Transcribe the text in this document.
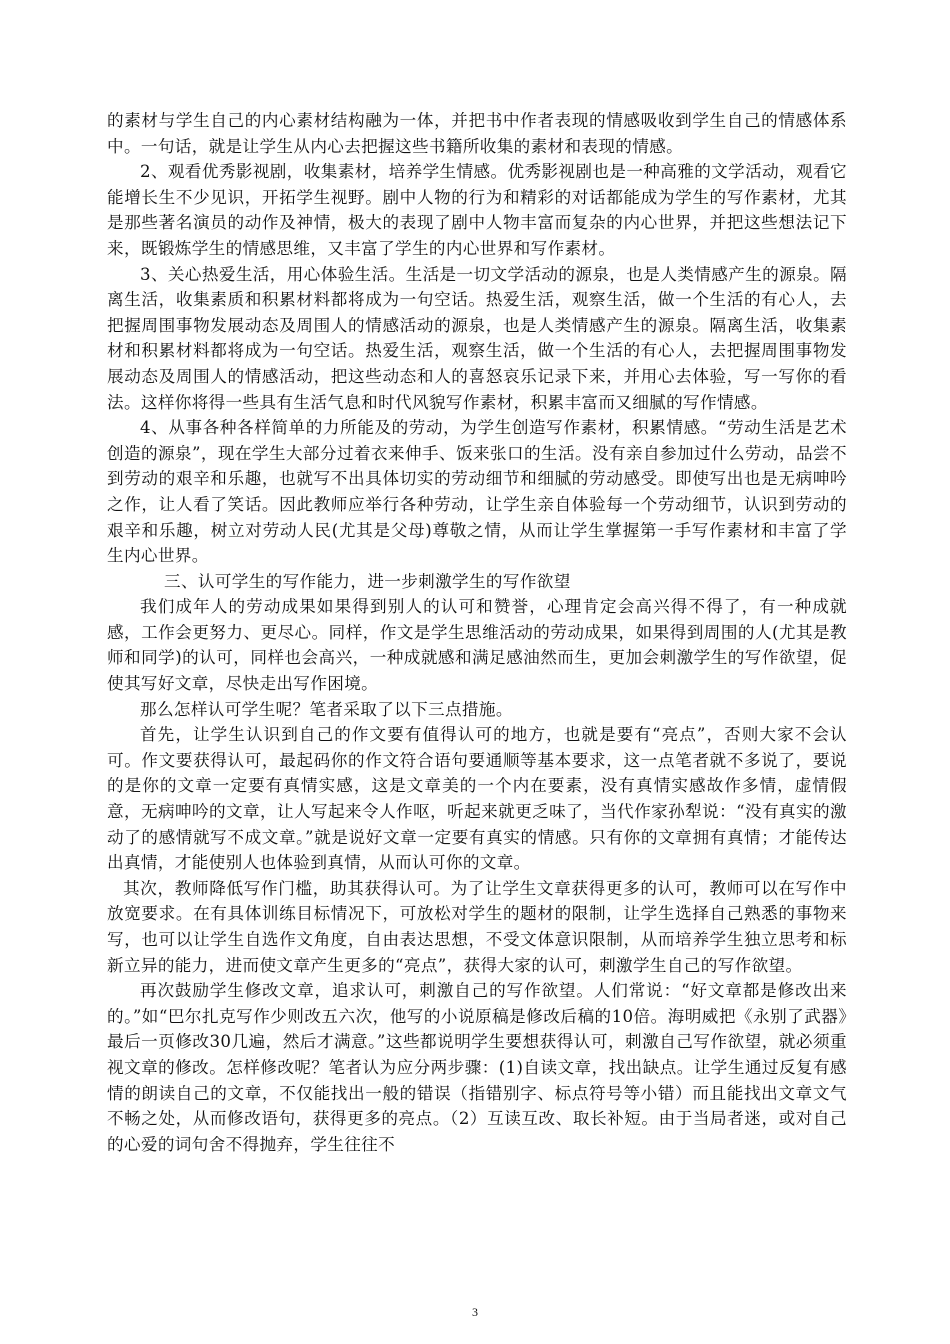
的素材与学生自己的内心素材结构融为一体，并把书中作者表现的情感吸收到学生自己的情感体系中。一句话，就是让学生从内心去把握这些书籍所收集的素材和表现的情感。

2、观看优秀影视剧，收集素材，培养学生情感。优秀影视剧也是一种高雅的文学活动，观看它能增长生不少见识，开拓学生视野。剧中人物的行为和精彩的对话都能成为学生的写作素材，尤其是那些著名演员的动作及神情，极大的表现了剧中人物丰富而复杂的内心世界，并把这些想法记下来，既锻炼学生的情感思维，又丰富了学生的内心世界和写作素材。

3、关心热爱生活，用心体验生活。生活是一切文学活动的源泉，也是人类情感产生的源泉。隔离生活，收集素质和积累材料都将成为一句空话。热爱生活，观察生活，做一个生活的有心人，去把握周围事物发展动态及周围人的情感活动的源泉，也是人类情感产生的源泉。隔离生活，收集素材和积累材料都将成为一句空话。热爱生活，观察生活，做一个生活的有心人，去把握周围事物发展动态及周围人的情感活动，把这些动态和人的喜怒哀乐记录下来，并用心去体验，写一写你的看法。这样你将得一些具有生活气息和时代风貌写作素材，积累丰富而又细腻的写作情感。

4、从事各种各样简单的力所能及的劳动，为学生创造写作素材，积累情感。“劳动生活是艺术创造的源泉”，现在学生大部分过着衣来伸手、饭来张口的生活。没有亲自参加过什么劳动，品尝不到劳动的艰辛和乐趣，也就写不出具体切实的劳动细节和细腻的劳动感受。即使写出也是无病呻吟之作，让人看了笑话。因此教师应举行各种劳动，让学生亲自体验每一个劳动细节，认识到劳动的艰辛和乐趣，树立对劳动人民(尤其是父母)尊敬之情，从而让学生掌握第一手写作素材和丰富了学生内心世界。

三、认可学生的写作能力，进一步刺激学生的写作欲望

我们成年人的劳动成果如果得到别人的认可和赞誉，心理肯定会高兴得不得了，有一种成就感，工作会更努力、更尽心。同样，作文是学生思维活动的劳动成果，如果得到周围的人(尤其是教师和同学)的认可，同样也会高兴，一种成就感和满足感油然而生，更加会刺激学生的写作欲望，促使其写好文章，尽快走出写作困境。

那么怎样认可学生呢？笔者采取了以下三点措施。

首先，让学生认识到自己的作文要有值得认可的地方，也就是要有“亮点”，否则大家不会认可。作文要获得认可，最起码你的作文符合语句要通顺等基本要求，这一点笔者就不多说了，要说的是你的文章一定要有真情实感，这是文章美的一个内在要素，没有真情实感故作多情，虚情假意，无病呻吟的文章，让人写起来令人作呕，听起来就更乏味了，当代作家孙犁说：“没有真实的激动了的感情就写不成文章。”就是说好文章一定要有真实的情感。只有你的文章拥有真情；才能传达出真情，才能使别人也体验到真情，从而认可你的文章。

其次，教师降低写作门槛，助其获得认可。为了让学生文章获得更多的认可，教师可以在写作中放宽要求。在有具体训练目标情况下，可放松对学生的题材的限制，让学生选择自己熟悉的事物来写，也可以让学生自选作文角度，自由表达思想，不受文体意识限制，从而培养学生独立思考和标新立异的能力，进而使文章产生更多的“亮点”，获得大家的认可，刺激学生自己的写作欲望。

再次鼓励学生修改文章，追求认可，刺激自己的写作欲望。人们常说：“好文章都是修改出来的。”如“巴尔扎克写作少则改五六次，他写的小说原稿是修改后稿的10倍。海明威把《永别了武器》最后一页修改30几遍，然后才满意。”这些都说明学生要想获得认可，刺激自己写作欲望，就必须重视文章的修改。怎样修改呢？笔者认为应分两步骤：(1)自读文章，找出缺点。让学生通过反复有感情的朗读自己的文章，不仅能找出一般的错误（指错别字、标点符号等小错）而且能找出文章文气不畅之处，从而修改语句，获得更多的亮点。（2）互读互改、取长补短。由于当局者迷，或对自己的心爱的词句舍不得抛弃，学生往往不

3
